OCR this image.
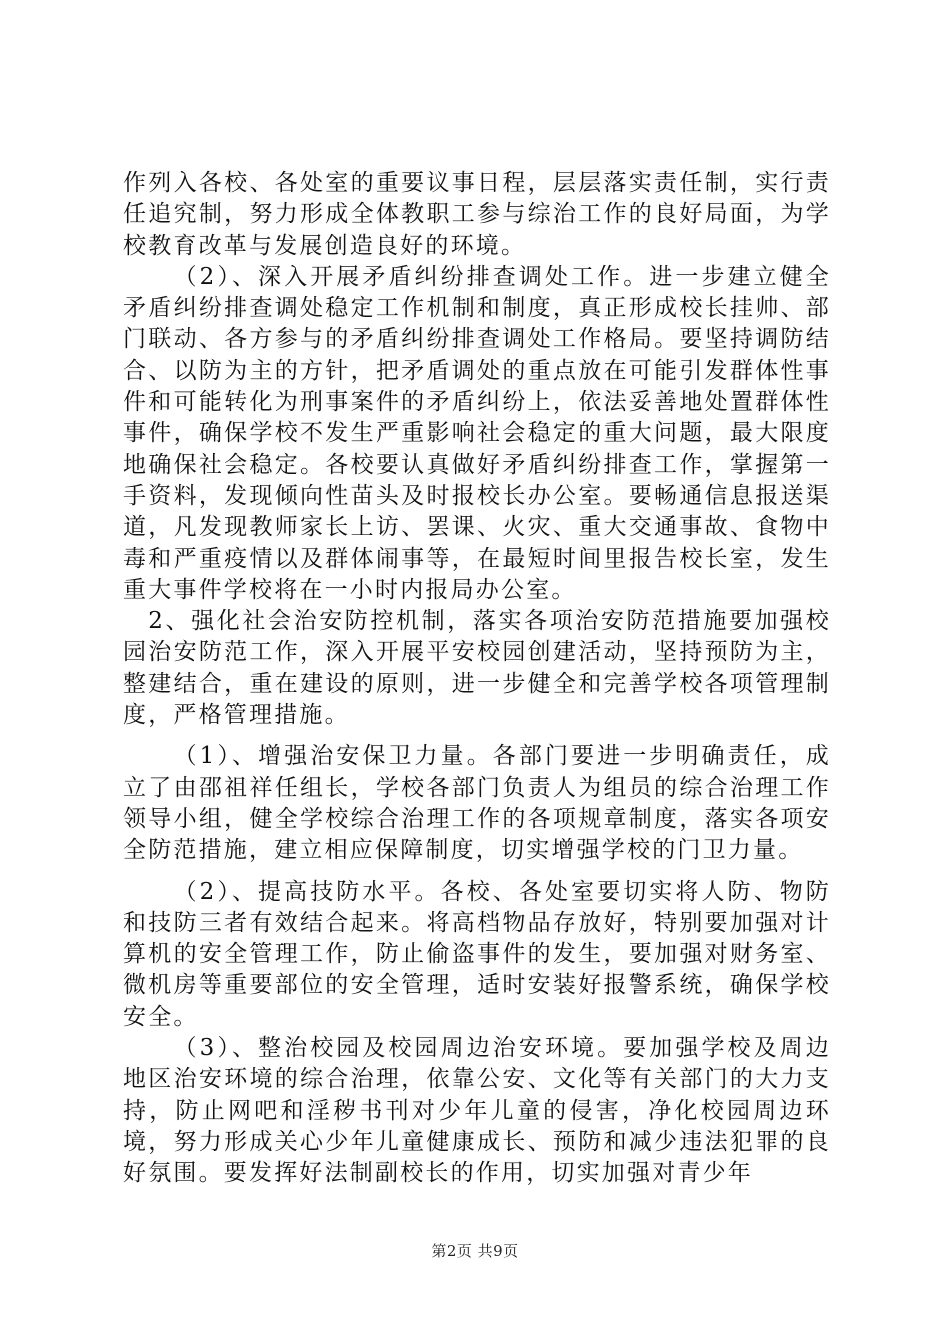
作列入各校、各处室的重要议事日程，层层落实责任制，实行责任追究制，努力形成全体教职工参与综治工作的良好局面，为学校教育改革与发展创造良好的环境。

（2）、深入开展矛盾纠纷排查调处工作。进一步建立健全矛盾纠纷排查调处稳定工作机制和制度，真正形成校长挂帅、部门联动、各方参与的矛盾纠纷排查调处工作格局。要坚持调防结合、以防为主的方针，把矛盾调处的重点放在可能引发群体性事件和可能转化为刑事案件的矛盾纠纷上，依法妥善地处置群体性事件，确保学校不发生严重影响社会稳定的重大问题，最大限度地确保社会稳定。各校要认真做好矛盾纠纷排查工作，掌握第一手资料，发现倾向性苗头及时报校长办公室。要畅通信息报送渠道，凡发现教师家长上访、罢课、火灾、重大交通事故、食物中毒和严重疫情以及群体闹事等，在最短时间里报告校长室，发生重大事件学校将在一小时内报局办公室。

2、强化社会治安防控机制，落实各项治安防范措施要加强校园治安防范工作，深入开展平安校园创建活动，坚持预防为主，整建结合，重在建设的原则，进一步健全和完善学校各项管理制度，严格管理措施。

（1）、增强治安保卫力量。各部门要进一步明确责任，成立了由邵祖祥任组长，学校各部门负责人为组员的综合治理工作领导小组，健全学校综合治理工作的各项规章制度，落实各项安全防范措施，建立相应保障制度，切实增强学校的门卫力量。

（2）、提高技防水平。各校、各处室要切实将人防、物防和技防三者有效结合起来。将高档物品存放好，特别要加强对计算机的安全管理工作，防止偷盗事件的发生，要加强对财务室、微机房等重要部位的安全管理，适时安装好报警系统，确保学校安全。

（3）、整治校园及校园周边治安环境。要加强学校及周边地区治安环境的综合治理，依靠公安、文化等有关部门的大力支持，防止网吧和淫秽书刊对少年儿童的侵害，净化校园周边环境，努力形成关心少年儿童健康成长、预防和减少违法犯罪的良好氛围。要发挥好法制副校长的作用，切实加强对青少年

第2页 共9页
